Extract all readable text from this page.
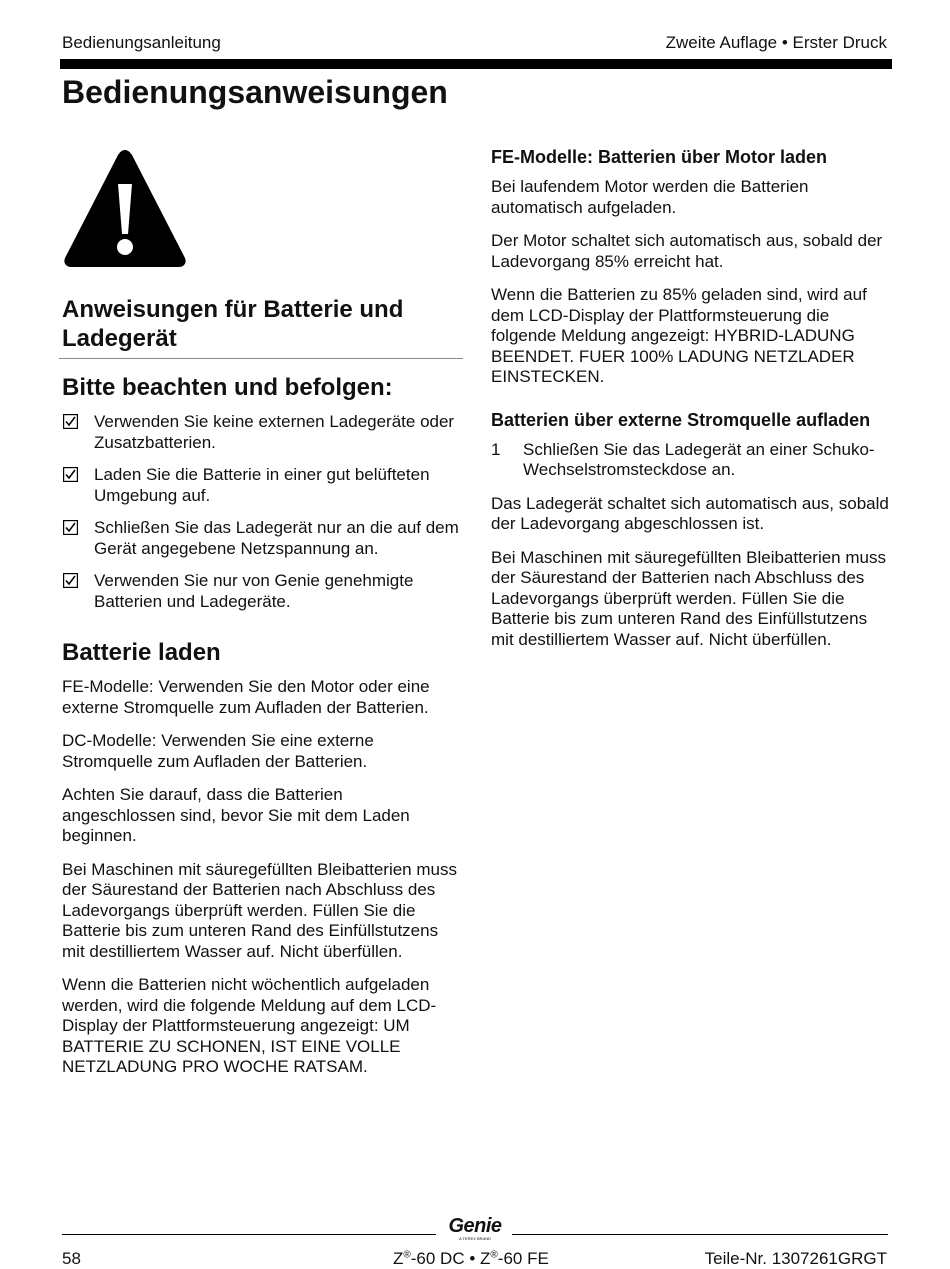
Bedienungsanleitung	Zweite Auflage • Erster Druck
Bedienungsanweisungen
Anweisungen für Batterie und Ladegerät
Bitte beachten und befolgen:
Verwenden Sie keine externen Ladegeräte oder Zusatzbatterien.
Laden Sie die Batterie in einer gut belüfteten Umgebung auf.
Schließen Sie das Ladegerät nur an die auf dem Gerät angegebene Netzspannung an.
Verwenden Sie nur von Genie genehmigte Batterien und Ladegeräte.
Batterie laden

FE-Modelle: Verwenden Sie den Motor oder eine externe Stromquelle zum Aufladen der Batterien.

DC-Modelle: Verwenden Sie eine externe Stromquelle zum Aufladen der Batterien.

Achten Sie darauf, dass die Batterien angeschlossen sind, bevor Sie mit dem Laden beginnen.

Bei Maschinen mit säuregefüllten Bleibatterien muss der Säurestand der Batterien nach Abschluss des Ladevorgangs überprüft werden. Füllen Sie die Batterie bis zum unteren Rand des Einfüllstutzens mit destilliertem Wasser auf. Nicht überfüllen.

Wenn die Batterien nicht wöchentlich aufgeladen werden, wird die folgende Meldung auf dem LCD-Display der Plattformsteuerung angezeigt: UM BATTERIE ZU SCHONEN, IST EINE VOLLE NETZLADUNG PRO WOCHE RATSAM.

FE-Modelle: Batterien über Motor laden

Bei laufendem Motor werden die Batterien automatisch aufgeladen.

Der Motor schaltet sich automatisch aus, sobald der Ladevorgang 85% erreicht hat.

Wenn die Batterien zu 85% geladen sind, wird auf dem LCD-Display der Plattformsteuerung die folgende Meldung angezeigt: HYBRID-LADUNG BEENDET. FUER 100% LADUNG NETZLADER EINSTECKEN.

Batterien über externe Stromquelle aufladen
1 Schließen Sie das Ladegerät an einer Schuko-Wechselstromsteckdose an.

Das Ladegerät schaltet sich automatisch aus, sobald der Ladevorgang abgeschlossen ist.

Bei Maschinen mit säuregefüllten Bleibatterien muss der Säurestand der Batterien nach Abschluss des Ladevorgangs überprüft werden. Füllen Sie die Batterie bis zum unteren Rand des Einfüllstutzens mit destilliertem Wasser auf. Nicht überfüllen.

Genie
A TEREX BRAND
58	Z®-60 DC • Z®-60 FE	Teile-Nr. 1307261GRGT
